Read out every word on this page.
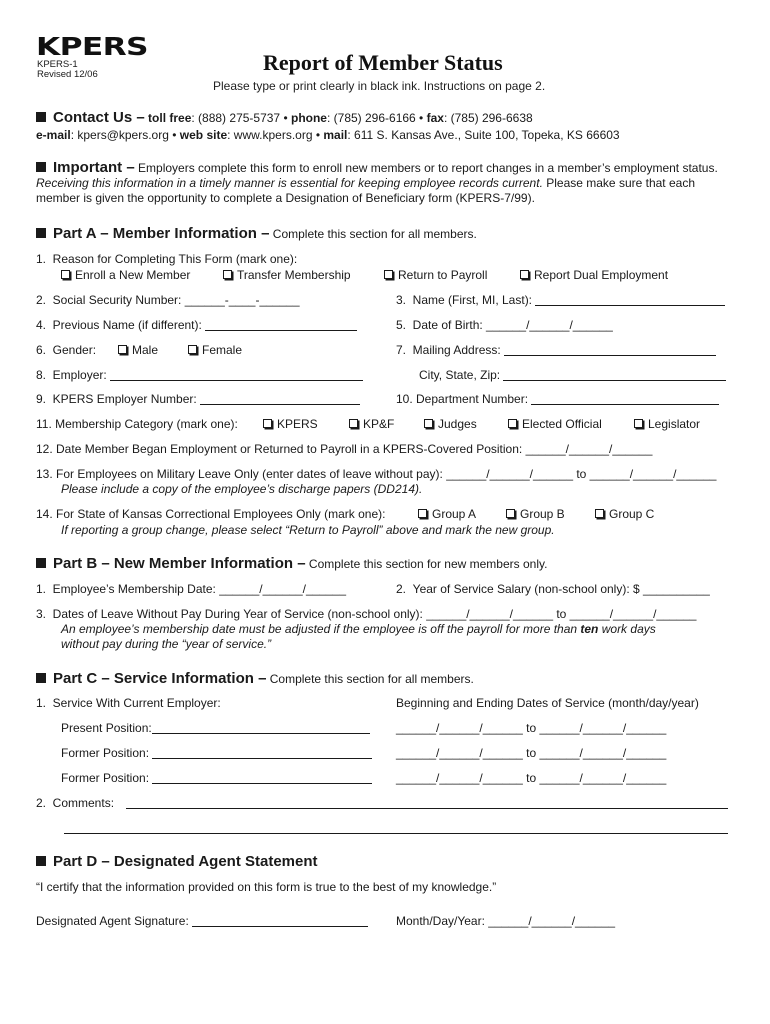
KPERS
KPERS-1
Revised 12/06	Report of Member Status
Please type or print clearly in black ink. Instructions on page 2.
Contact Us – toll free: (888) 275-5737 • phone: (785) 296-6166 • fax: (785) 296-6638
e-mail: kpers@kpers.org • web site: www.kpers.org • mail: 611 S. Kansas Ave., Suite 100, Topeka, KS 66603
Important – Employers complete this form to enroll new members or to report changes in a member’s employment status. Receiving this information in a timely manner is essential for keeping employee records current. Please make sure that each member is given the opportunity to complete a Designation of Beneficiary form (KPERS-7/99).
Part A – Member Information – Complete this section for all members.
1.  Reason for Completing This Form (mark one):
Enroll a New Member	Transfer Membership	Return to Payroll	Report Dual Employment
2.  Social Security Number: ______-____-______	3.  Name (First, MI, Last):
4.  Previous Name (if different):	5.  Date of Birth: ______/______/______
6.  Gender:	Male	Female	7.  Mailing Address:
8.  Employer:	City, State, Zip:
9.  KPERS Employer Number:	10. Department Number:
11. Membership Category (mark one):	KPERS	KP&F	Judges	Elected Official	Legislator
12. Date Member Began Employment or Returned to Payroll in a KPERS-Covered Position: ______/______/______
13. For Employees on Military Leave Only (enter dates of leave without pay): ______/______/______ to ______/______/______
Please include a copy of the employee’s discharge papers (DD214).
14. For State of Kansas Correctional Employees Only (mark one):	Group A	Group B	Group C
If reporting a group change, please select “Return to Payroll” above and mark the new group.
Part B – New Member Information – Complete this section for new members only.
1.  Employee’s Membership Date: ______/______/______	2.  Year of Service Salary (non-school only): $ __________
3.  Dates of Leave Without Pay During Year of Service (non-school only): ______/______/______ to ______/______/______
An employee’s membership date must be adjusted if the employee is off the payroll for more than ten work days
without pay during the “year of service.”
Part C – Service Information – Complete this section for all members.
1.  Service With Current Employer:	Beginning and Ending Dates of Service (month/day/year)
Present Position:	______/______/______ to ______/______/______
Former Position:	______/______/______ to ______/______/______
Former Position:	______/______/______ to ______/______/______
2.  Comments:
Part D – Designated Agent Statement
“I certify that the information provided on this form is true to the best of my knowledge.”
Designated Agent Signature:	Month/Day/Year: ______/______/______
